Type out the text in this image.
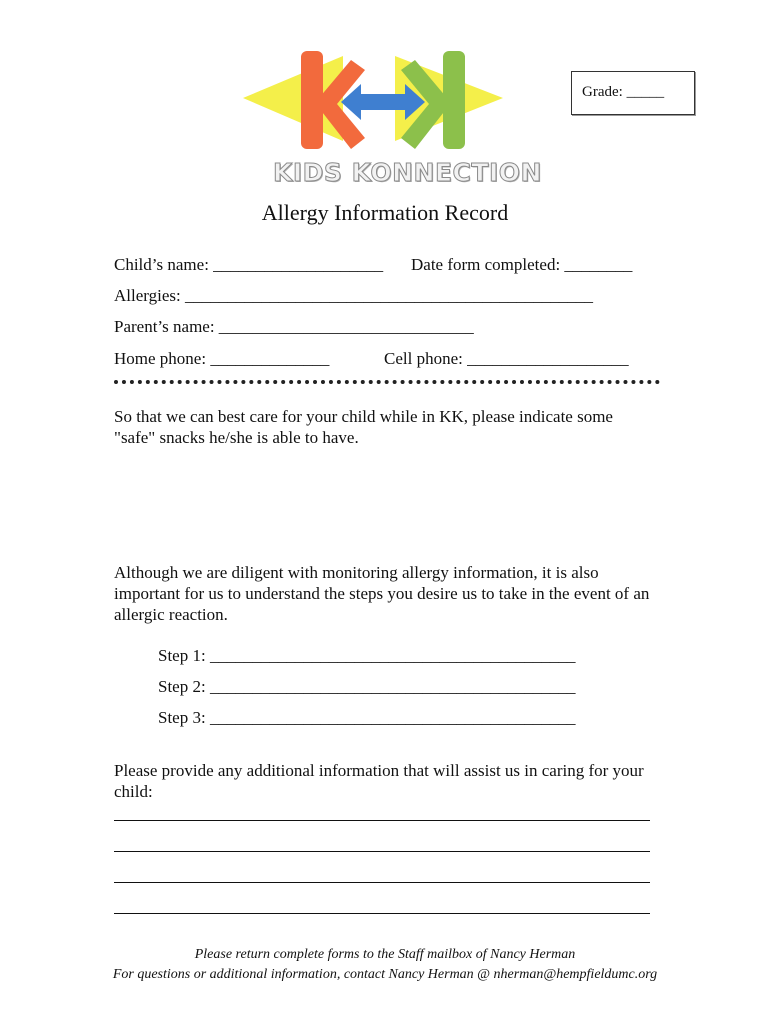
KIDS KONNECTION
Grade: _____
Allergy Information Record
Child’s name: ____________________ Date form completed: ________
Allergies: ________________________________________________
Parent’s name: ______________________________
Home phone: ______________	Cell phone: ___________________
So that we can best care for your child while in KK, please indicate some "safe" snacks he/she is able to have.
Although we are diligent with monitoring allergy information, it is also important for us to understand the steps you desire us to take in the event of an allergic reaction.
Step 1: ___________________________________________
Step 2: ___________________________________________
Step 3: ___________________________________________
Please provide any additional information that will assist us in caring for your child:
Please return complete forms to the Staff mailbox of Nancy Herman
For questions or additional information, contact Nancy Herman @ nherman@hempfieldumc.org
